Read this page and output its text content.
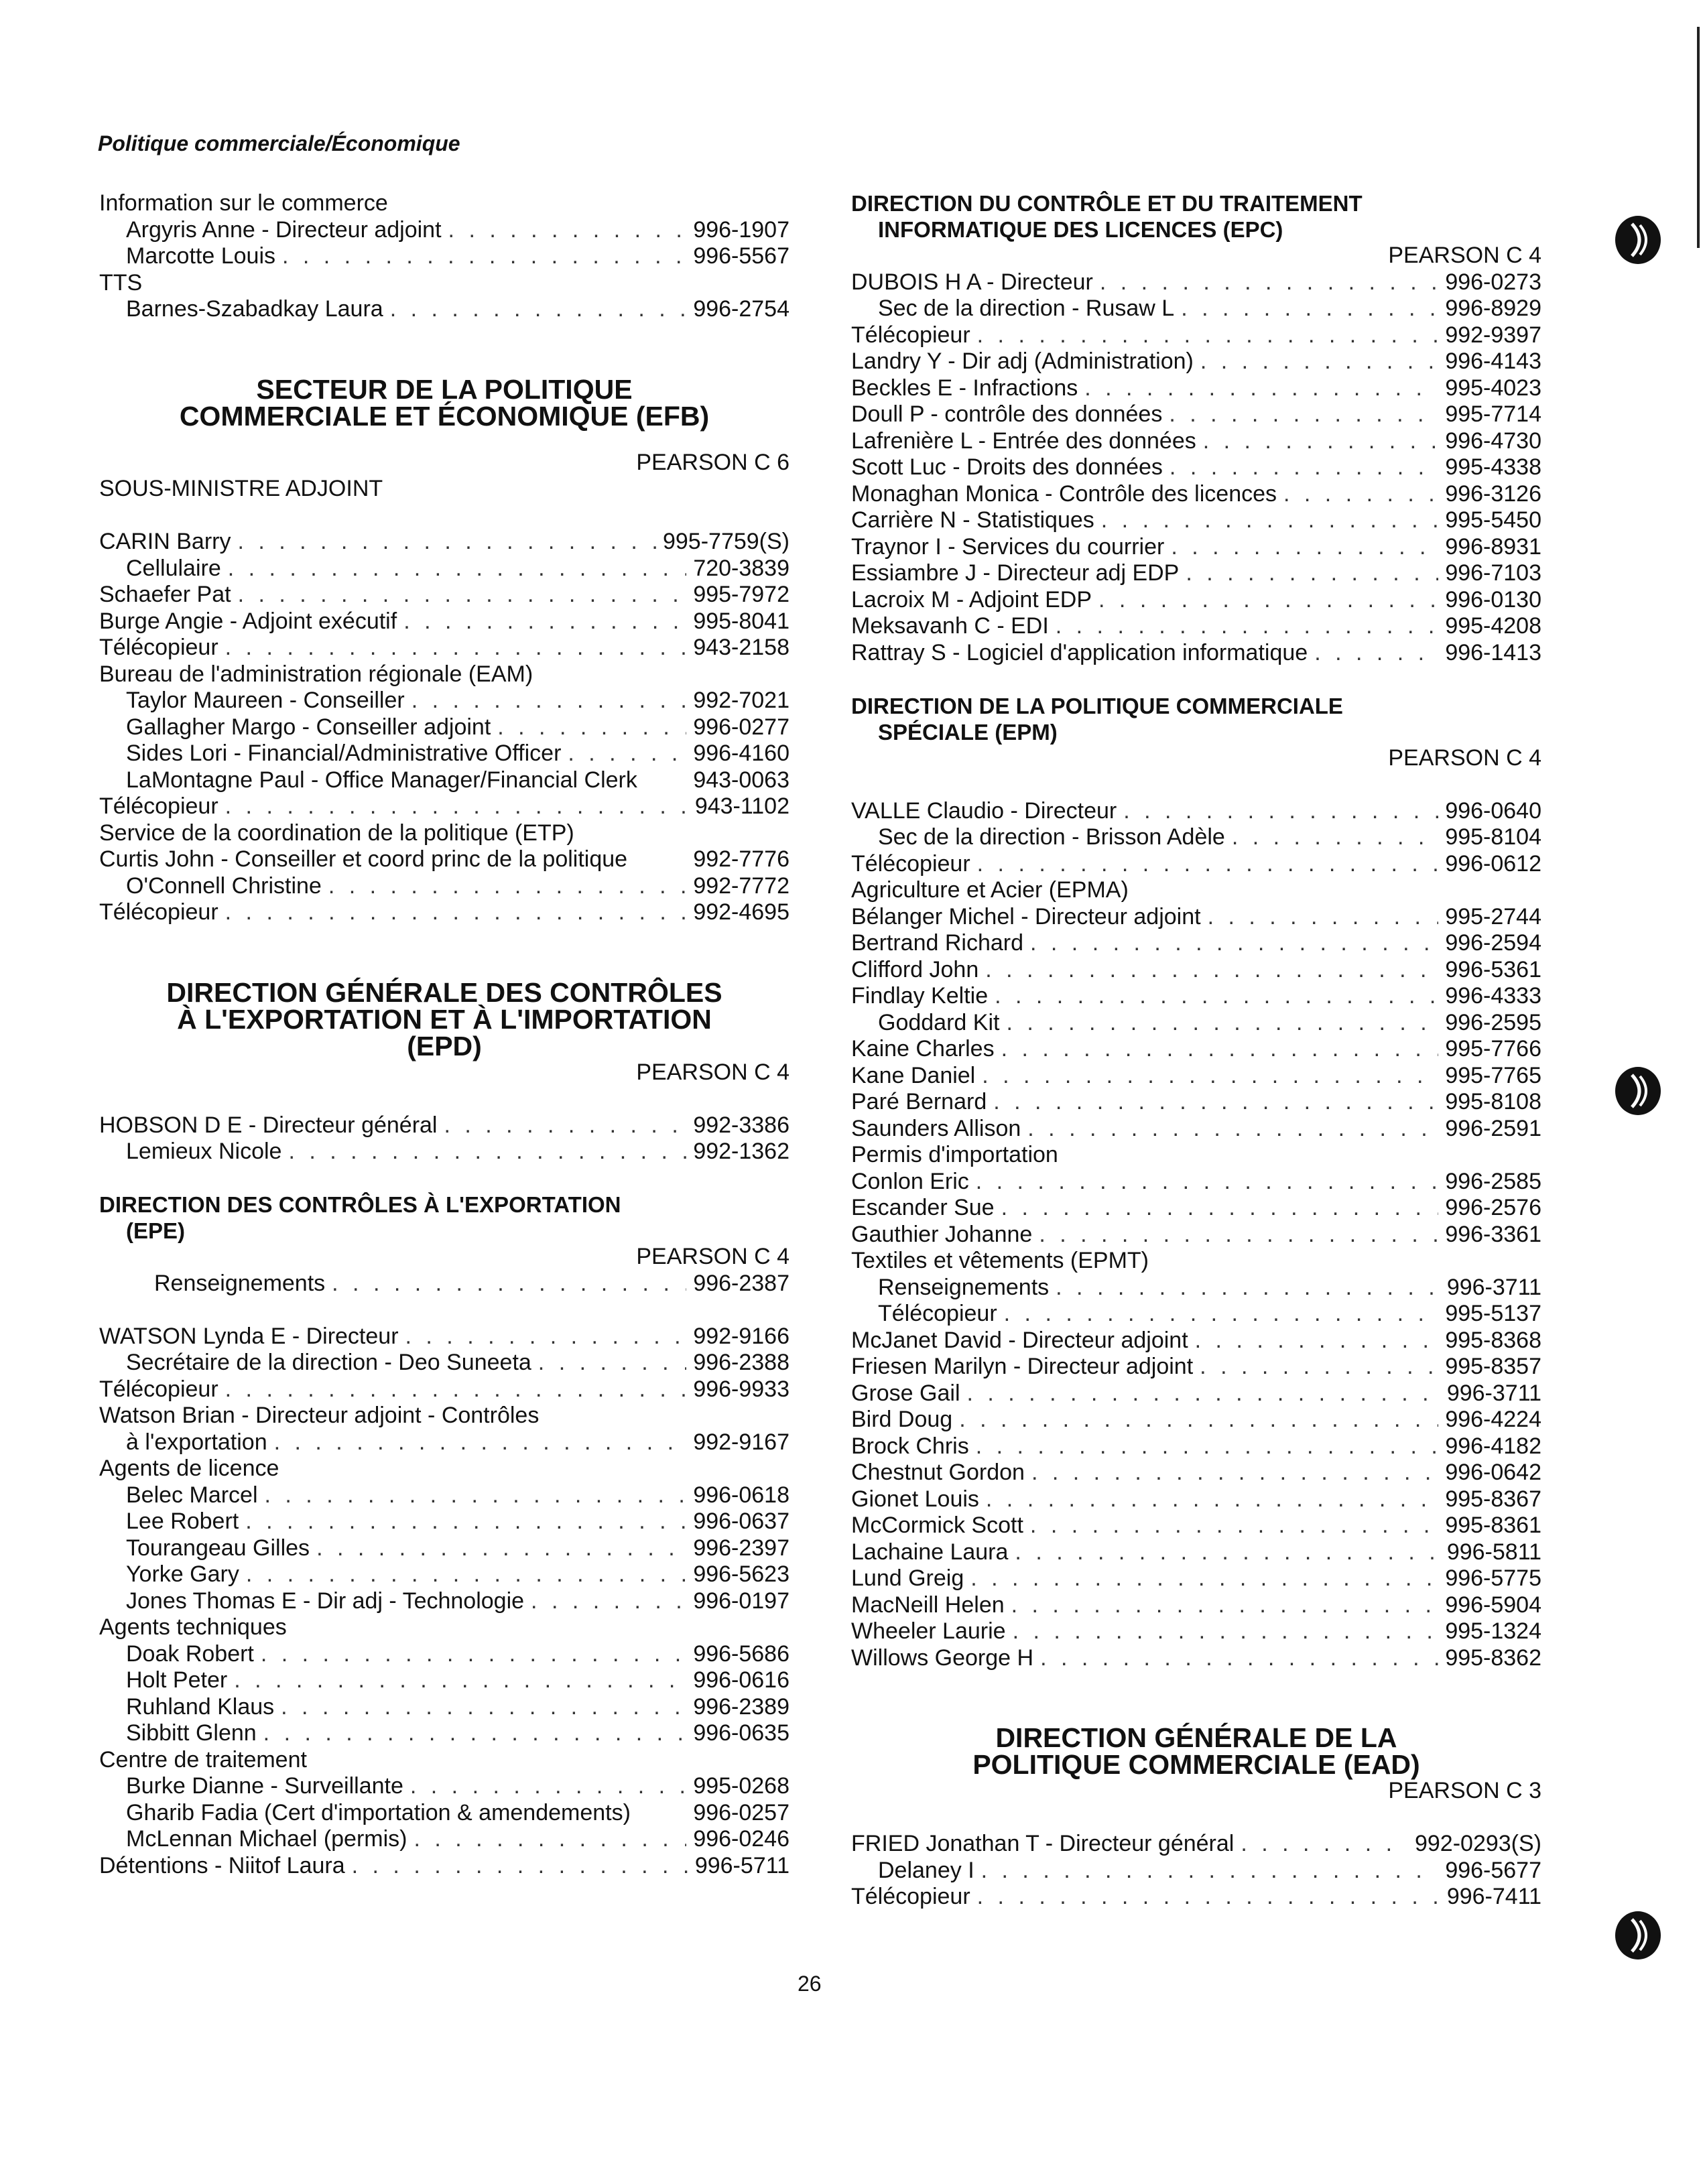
Politique commerciale/Économique
Information sur le commerce
Argyris Anne - Directeur adjoint . . .	996-1907
Marcotte Louis . . .	996-5567
TTS
Barnes-Szabadkay Laura . . .	996-2754
SECTEUR DE LA POLITIQUE
COMMERCIALE ET ÉCONOMIQUE (EFB)
PEARSON C 6
SOUS-MINISTRE ADJOINT
CARIN Barry . . .	995-7759(S)
Cellulaire . . .	720-3839
Schaefer Pat . . .	995-7972
Burge Angie - Adjoint exécutif . . .	995-8041
Télécopieur . . .	943-2158
Bureau de l'administration régionale (EAM)
Taylor Maureen - Conseiller . . .	992-7021
Gallagher Margo - Conseiller adjoint . . .	996-0277
Sides Lori - Financial/Administrative Officer . . .	996-4160
LaMontagne Paul - Office Manager/Financial Clerk 943-0063
Télécopieur . . .	943-1102
Service de la coordination de la politique (ETP)
Curtis John - Conseiller et coord princ de la politique	992-7776
O'Connell Christine . . .	992-7772
Télécopieur . . .	992-4695
DIRECTION GÉNÉRALE DES CONTRÔLES
À L'EXPORTATION ET À L'IMPORTATION
(EPD)
PEARSON C 4
HOBSON D E - Directeur général . . .	992-3386
Lemieux Nicole . . .	992-1362
DIRECTION DES CONTRÔLES À L'EXPORTATION
(EPE)
PEARSON C 4
Renseignements . . .	996-2387
WATSON Lynda E - Directeur . . .	992-9166
Secrétaire de la direction - Deo Suneeta . . .	996-2388
Télécopieur . . .	996-9933
Watson Brian - Directeur adjoint - Contrôles
à l'exportation . . .	992-9167
Agents de licence
Belec Marcel . . .	996-0618
Lee Robert . . .	996-0637
Tourangeau Gilles . . .	996-2397
Yorke Gary . . .	996-5623
Jones Thomas E - Dir adj - Technologie . . .	996-0197
Agents techniques
Doak Robert . . .	996-5686
Holt Peter . . .	996-0616
Ruhland Klaus . . .	996-2389
Sibbitt Glenn . . .	996-0635
Centre de traitement
Burke Dianne - Surveillante . . .	995-0268
Gharib Fadia (Cert d'importation & amendements)	996-0257
McLennan Michael (permis) . . .	996-0246
Détentions - Niitof Laura . . .	996-5711
DIRECTION DU CONTRÔLE ET DU TRAITEMENT
INFORMATIQUE DES LICENCES (EPC)
PEARSON C 4
DUBOIS H A - Directeur . . .	996-0273
Sec de la direction - Rusaw L . . .	996-8929
Télécopieur . . .	992-9397
Landry Y - Dir adj (Administration) . . .	996-4143
Beckles E - Infractions . . .	995-4023
Doull P - contrôle des données . . .	995-7714
Lafrenière L - Entrée des données . . .	996-4730
Scott Luc - Droits des données . . .	995-4338
Monaghan Monica - Contrôle des licences . . .	996-3126
Carrière N - Statistiques . . .	995-5450
Traynor I - Services du courrier . . .	996-8931
Essiambre J - Directeur adj EDP . . .	996-7103
Lacroix M - Adjoint EDP . . .	996-0130
Meksavanh C - EDI . . .	995-4208
Rattray S - Logiciel d'application informatique . . .	996-1413
DIRECTION DE LA POLITIQUE COMMERCIALE
SPÉCIALE (EPM)
PEARSON C 4
VALLE Claudio - Directeur . . .	996-0640
Sec de la direction - Brisson Adèle . . .	995-8104
Télécopieur . . .	996-0612
Agriculture et Acier (EPMA)
Bélanger Michel - Directeur adjoint . . .	995-2744
Bertrand Richard . . .	996-2594
Clifford John . . .	996-5361
Findlay Keltie . . .	996-4333
Goddard Kit . . .	996-2595
Kaine Charles . . .	995-7766
Kane Daniel . . .	995-7765
Paré Bernard . . .	995-8108
Saunders Allison . . .	996-2591
Permis d'importation
Conlon Eric . . .	996-2585
Escander Sue . . .	996-2576
Gauthier Johanne . . .	996-3361
Textiles et vêtements (EPMT)
Renseignements . . .	996-3711
Télécopieur . . .	995-5137
McJanet David - Directeur adjoint . . .	995-8368
Friesen Marilyn - Directeur adjoint . . .	995-8357
Grose Gail . . .	996-3711
Bird Doug . . .	996-4224
Brock Chris . . .	996-4182
Chestnut Gordon . . .	996-0642
Gionet Louis . . .	995-8367
McCormick Scott . . .	995-8361
Lachaine Laura . . .	996-5811
Lund Greig . . .	996-5775
MacNeill Helen . . .	996-5904
Wheeler Laurie . . .	995-1324
Willows George H . . .	995-8362
DIRECTION GÉNÉRALE DE LA
POLITIQUE COMMERCIALE (EAD)
PEARSON C 3
FRIED Jonathan T - Directeur général . . .	992-0293(S)
Delaney I . . .	996-5677
Télécopieur . . .	996-7411
26
